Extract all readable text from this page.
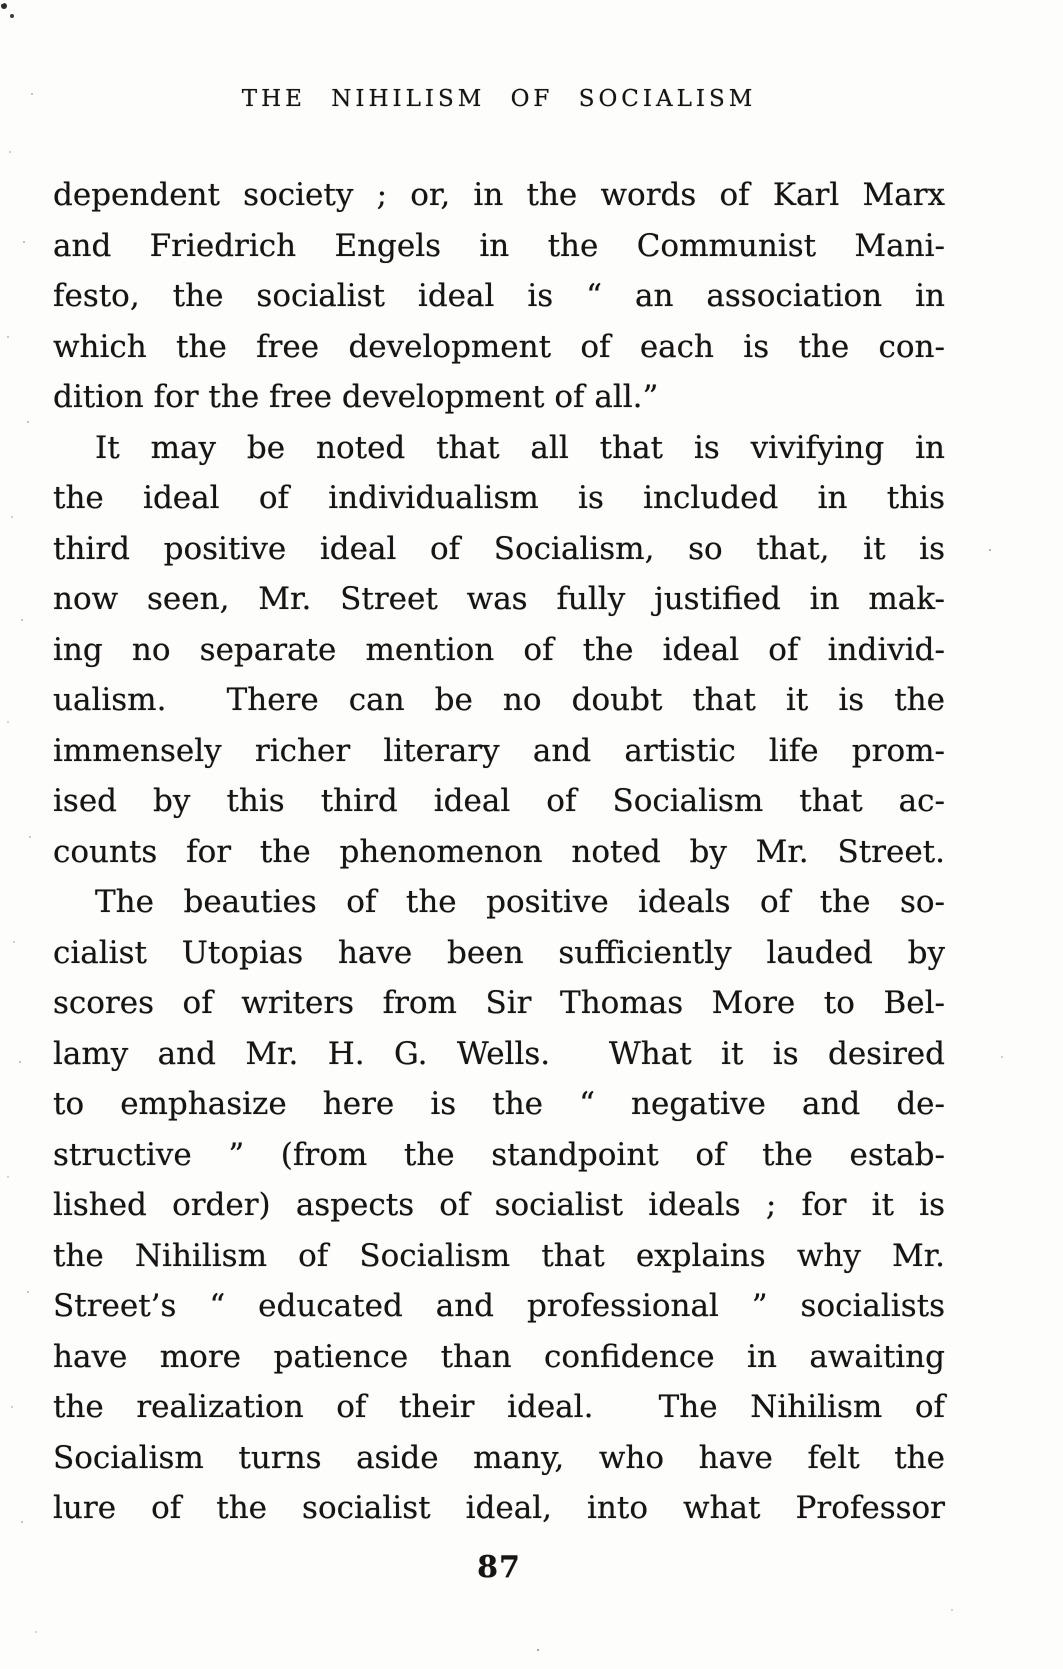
THE NIHILISM OF SOCIALISM
dependent society ; or, in the words of Karl Marx
and Friedrich Engels in the Communist Mani-
festo, the socialist ideal is “ an association in
which the free development of each is the con-
dition for the free development of all.”
It may be noted that all that is vivifying in
the ideal of individualism is included in this
third positive ideal of Socialism, so that, it is
now seen, Mr. Street was fully justified in mak-
ing no separate mention of the ideal of individ-
ualism.  There can be no doubt that it is the
immensely richer literary and artistic life prom-
ised by this third ideal of Socialism that ac-
counts for the phenomenon noted by Mr. Street.
The beauties of the positive ideals of the so-
cialist Utopias have been sufficiently lauded by
scores of writers from Sir Thomas More to Bel-
lamy and Mr. H. G. Wells.  What it is desired
to emphasize here is the “ negative and de-
structive ” (from the standpoint of the estab-
lished order) aspects of socialist ideals ; for it is
the Nihilism of Socialism that explains why Mr.
Street’s “ educated and professional ” socialists
have more patience than confidence in awaiting
the realization of their ideal.  The Nihilism of
Socialism turns aside many, who have felt the
lure of the socialist ideal, into what Professor
87
